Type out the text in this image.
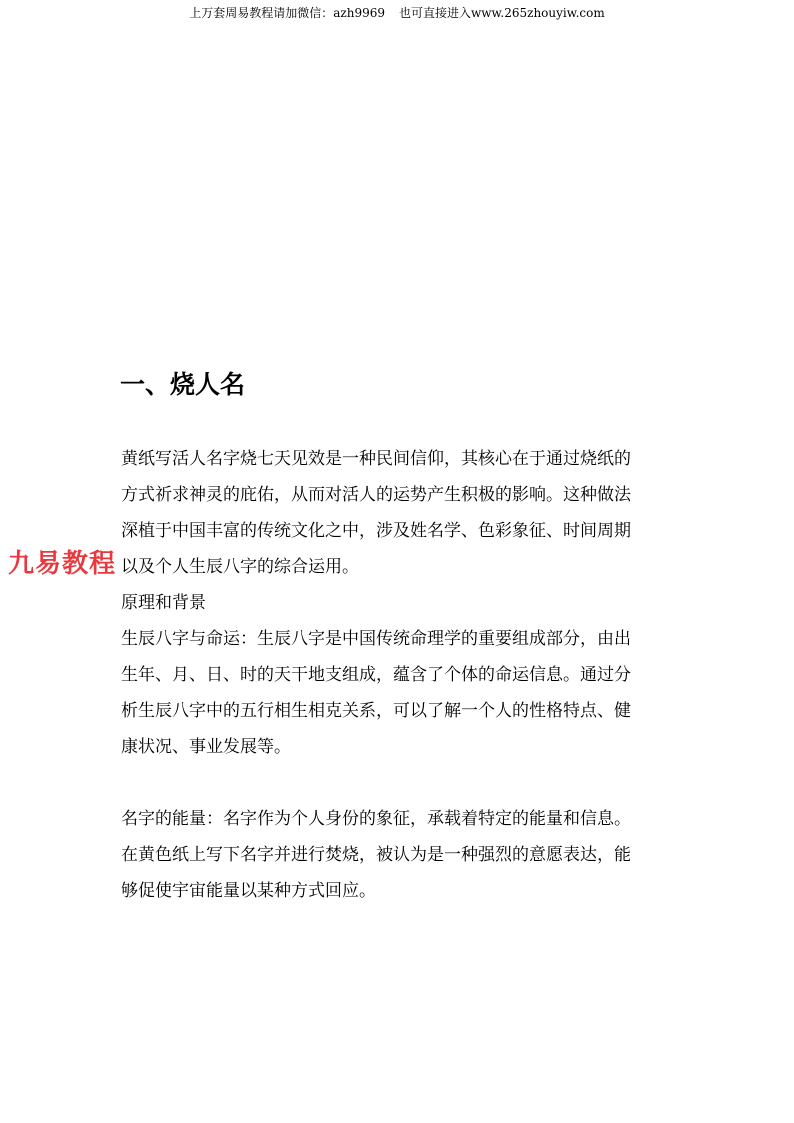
上万套周易教程请加微信：azh9969 也可直接进入www.265zhouyiw.com
九易教程
一、烧人名

黄纸写活人名字烧七天见效是一种民间信仰，其核心在于通过烧纸的
方式祈求神灵的庇佑，从而对活人的运势产生积极的影响。这种做法
深植于中国丰富的传统文化之中，涉及姓名学、色彩象征、时间周期
以及个人生辰八字的综合运用。

原理和背景

生辰八字与命运：生辰八字是中国传统命理学的重要组成部分，由出
生年、月、日、时的天干地支组成，蕴含了个体的命运信息。通过分
析生辰八字中的五行相生相克关系，可以了解一个人的性格特点、健
康状况、事业发展等。

名字的能量：名字作为个人身份的象征，承载着特定的能量和信息。
在黄色纸上写下名字并进行焚烧，被认为是一种强烈的意愿表达，能
够促使宇宙能量以某种方式回应。
